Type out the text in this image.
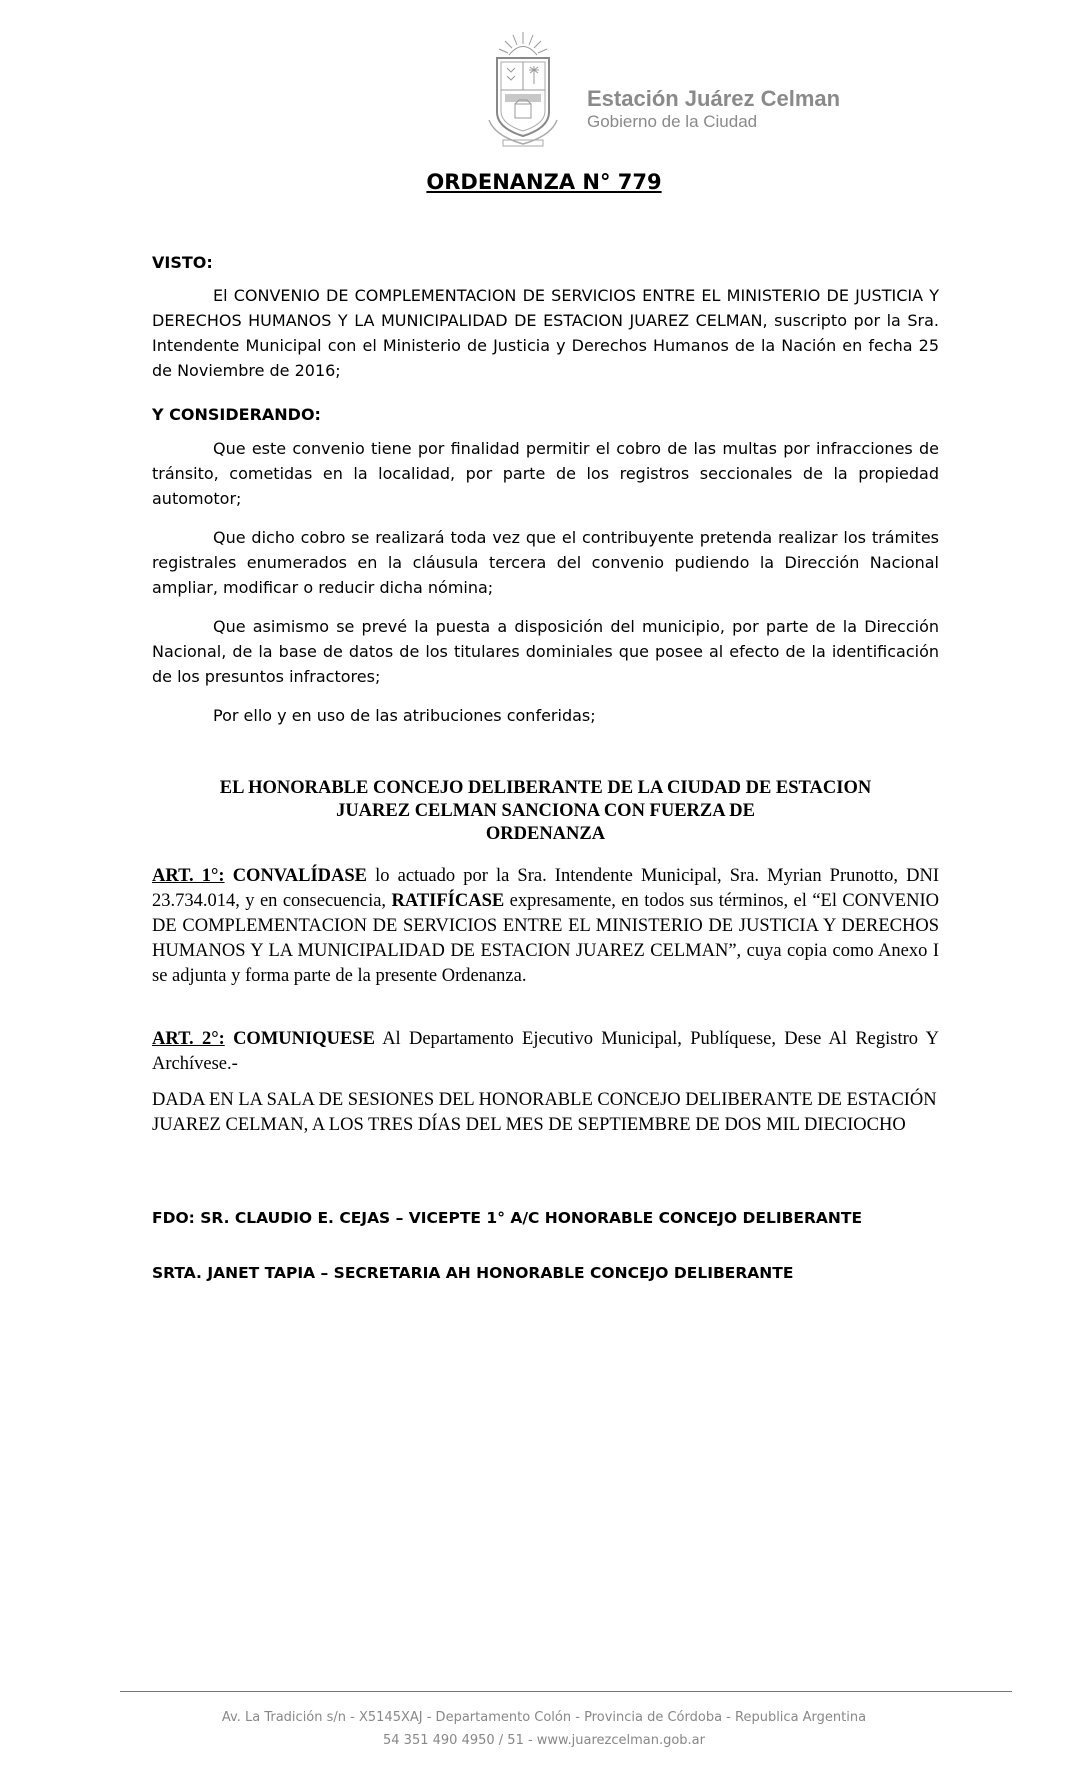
Estación Juárez Celman
Gobierno de la Ciudad
ORDENANZA N° 779
VISTO:
El CONVENIO DE COMPLEMENTACION DE SERVICIOS ENTRE EL MINISTERIO DE JUSTICIA Y DERECHOS HUMANOS Y LA MUNICIPALIDAD DE ESTACION JUAREZ CELMAN, suscripto por la Sra. Intendente Municipal con el Ministerio de Justicia y Derechos Humanos de la Nación en fecha 25 de Noviembre de 2016;
Y CONSIDERANDO:
Que este convenio tiene por finalidad permitir el cobro de las multas por infracciones de tránsito, cometidas en la localidad, por parte de los registros seccionales de la propiedad automotor;
Que dicho cobro se realizará toda vez que el contribuyente pretenda realizar los trámites registrales enumerados en la cláusula tercera del convenio pudiendo la Dirección Nacional ampliar, modificar o reducir dicha nómina;
Que asimismo se prevé la puesta a disposición del municipio, por parte de la Dirección Nacional, de la base de datos de los titulares dominiales que posee al efecto de la identificación de los presuntos infractores;
Por ello y en uso de las atribuciones conferidas;
EL HONORABLE CONCEJO DELIBERANTE DE LA CIUDAD DE ESTACION
JUAREZ CELMAN SANCIONA CON FUERZA DE
ORDENANZA
ART. 1°: CONVALÍDASE lo actuado por la Sra. Intendente Municipal, Sra. Myrian Prunotto, DNI 23.734.014, y en consecuencia, RATIFÍCASE expresamente, en todos sus términos, el “El CONVENIO DE COMPLEMENTACION DE SERVICIOS ENTRE EL MINISTERIO DE JUSTICIA Y DERECHOS HUMANOS Y LA MUNICIPALIDAD DE ESTACION JUAREZ CELMAN”, cuya copia como Anexo I se adjunta y forma parte de la presente Ordenanza.
ART. 2°: COMUNIQUESE Al Departamento Ejecutivo Municipal, Publíquese, Dese Al Registro Y Archívese.-
DADA EN LA SALA DE SESIONES DEL HONORABLE CONCEJO DELIBERANTE DE ESTACIÓN JUAREZ CELMAN, A LOS TRES DÍAS DEL MES DE SEPTIEMBRE DE DOS MIL DIECIOCHO
FDO: SR. CLAUDIO E. CEJAS – VICEPTE 1° A/C HONORABLE CONCEJO DELIBERANTE
SRTA. JANET TAPIA – SECRETARIA AH HONORABLE CONCEJO DELIBERANTE
Av. La Tradición s/n - X5145XAJ - Departamento Colón - Provincia de Córdoba - Republica Argentina
54 351 490 4950 / 51 - www.juarezcelman.gob.ar
